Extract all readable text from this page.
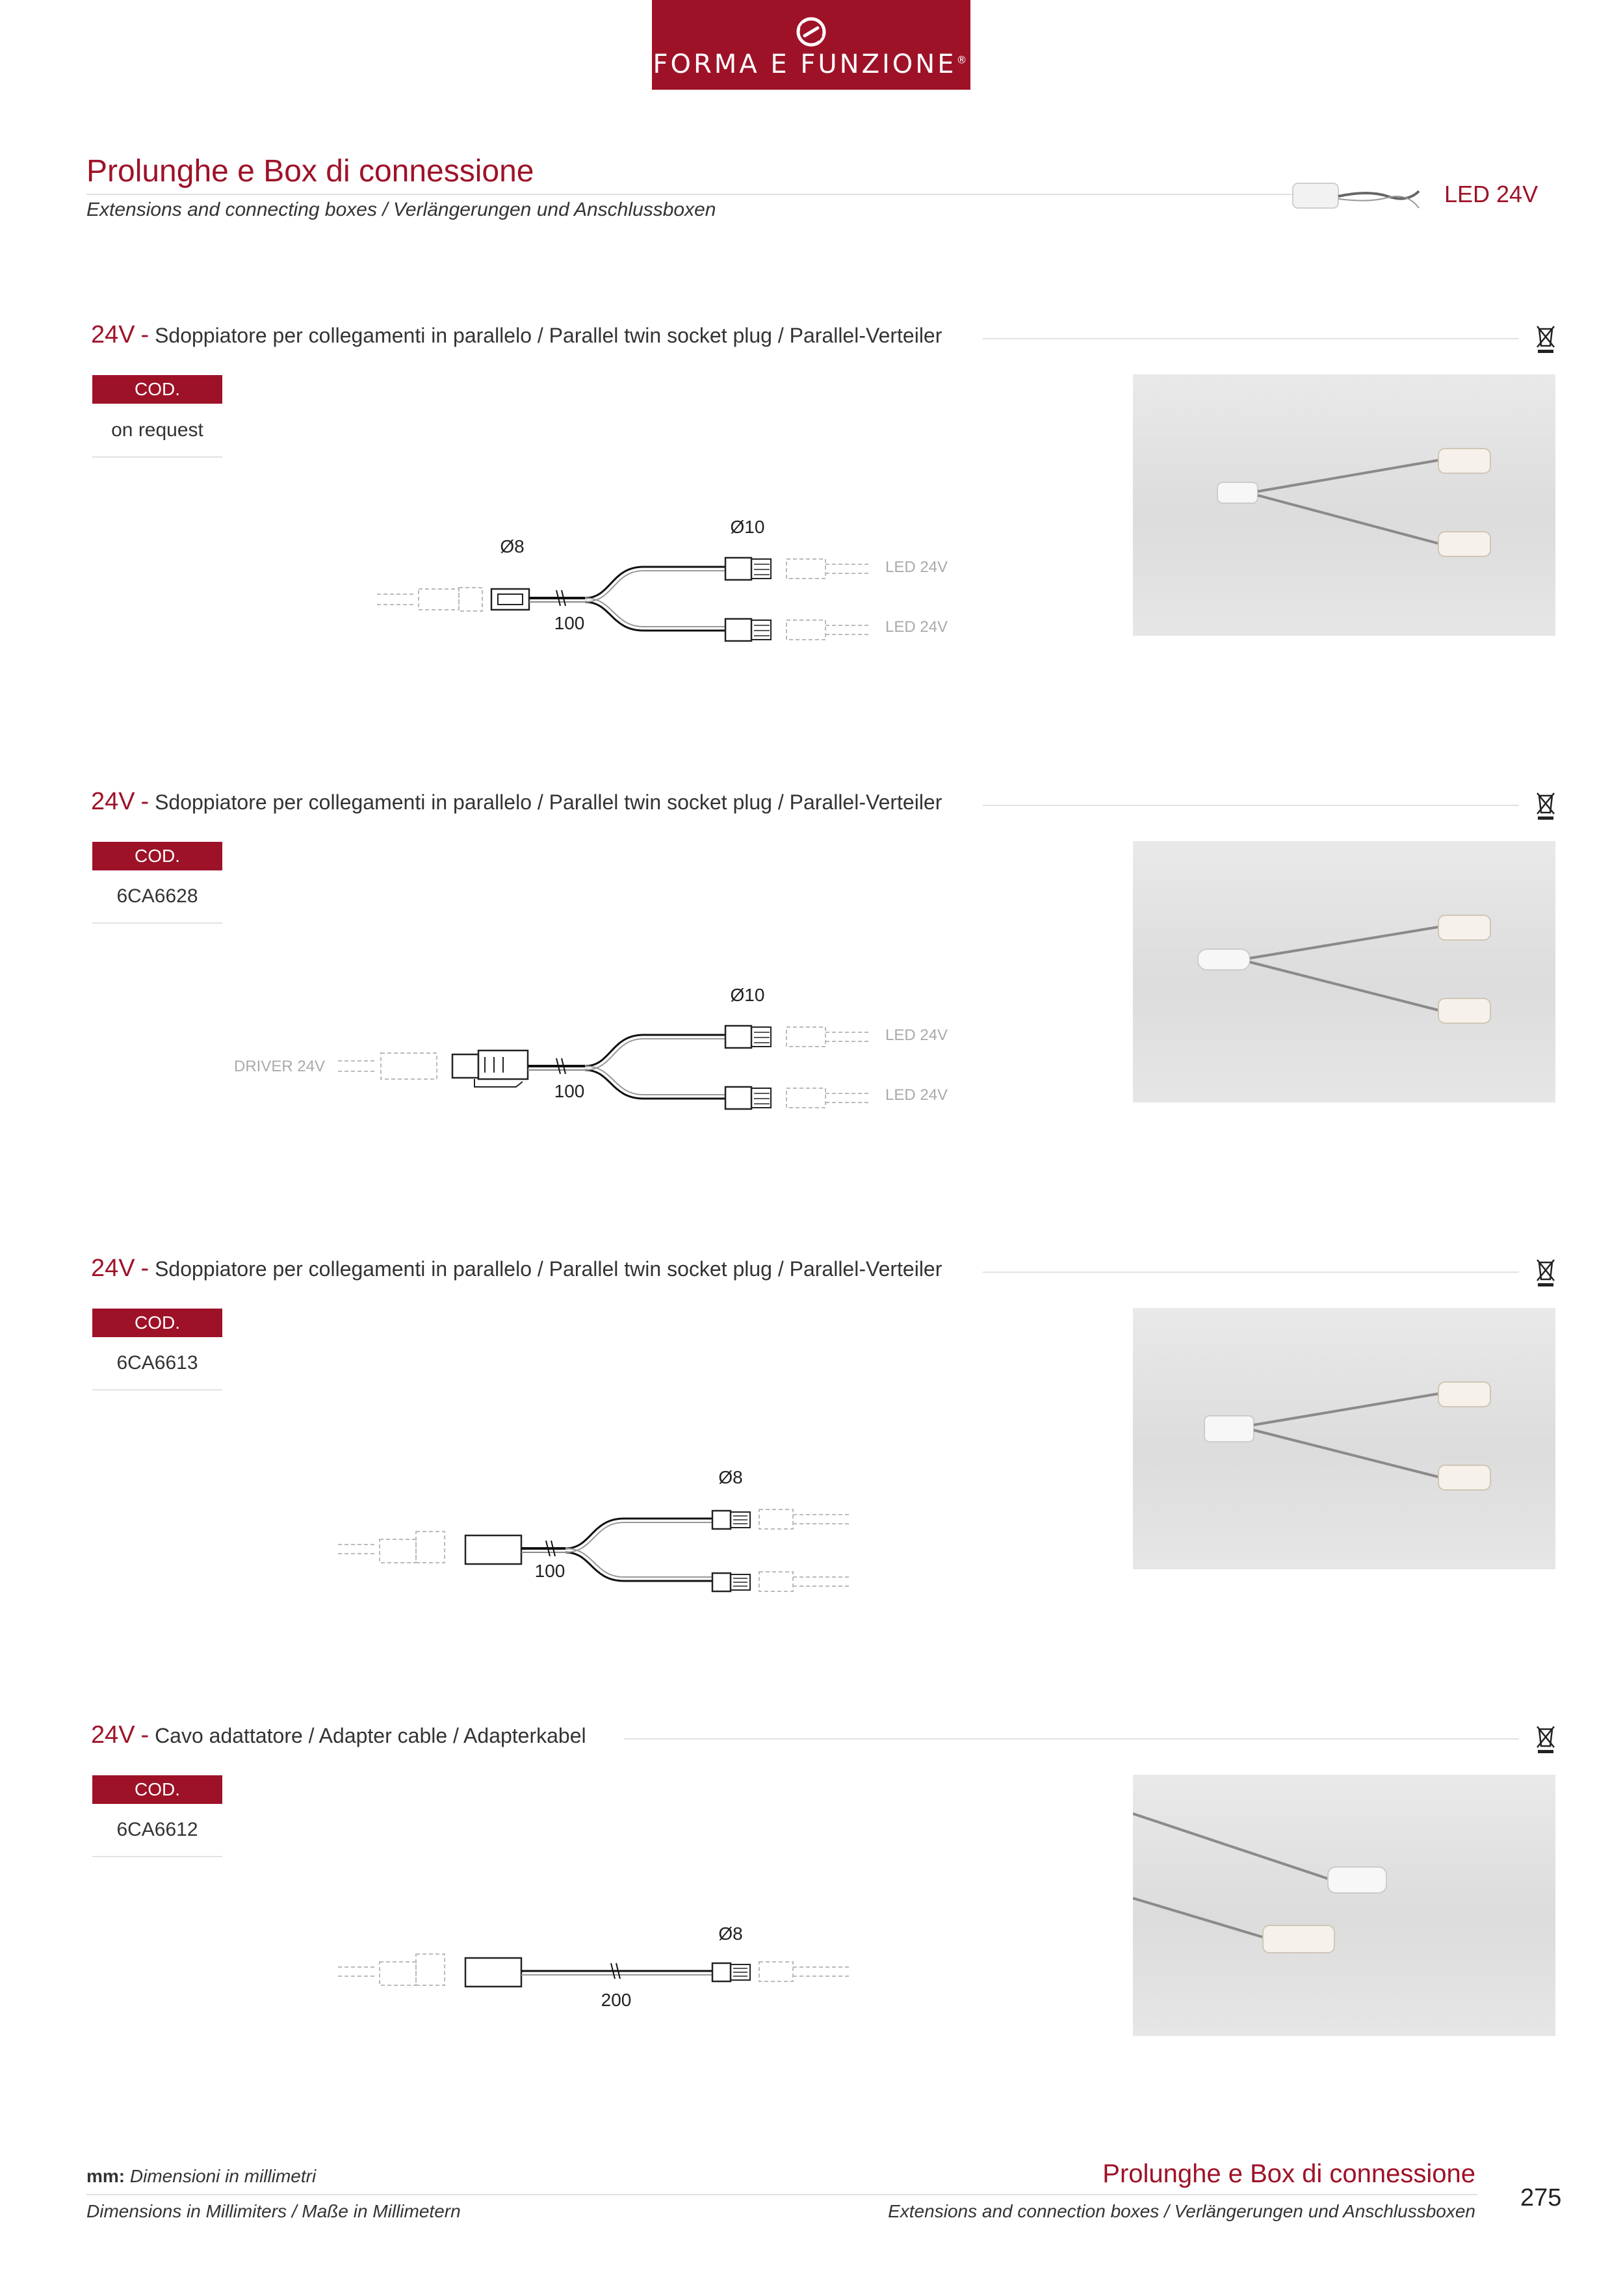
FORMA E FUNZIONE®
Prolunghe e Box di connessione
Extensions and connecting boxes / Verlängerungen und Anschlussboxen
LED 24V
24V - Sdoppiatore per collegamenti in parallelo / Parallel twin socket plug / Parallel-Verteiler
COD.
on request
Ø8
Ø10
100
LED 24V
LED 24V
24V - Sdoppiatore per collegamenti in parallelo / Parallel twin socket plug / Parallel-Verteiler
COD.
6CA6628
DRIVER 24V
Ø10
100
LED 24V
LED 24V
24V - Sdoppiatore per collegamenti in parallelo / Parallel twin socket plug / Parallel-Verteiler
COD.
6CA6613
Ø8
100
24V - Cavo adattatore / Adapter cable / Adapterkabel
COD.
6CA6612
Ø8
200
mm: Dimensioni in millimetri
Dimensions in Millimiters / Maße in Millimetern
Prolunghe e Box di connessione
Extensions and connection boxes / Verlängerungen und Anschlussboxen 275
